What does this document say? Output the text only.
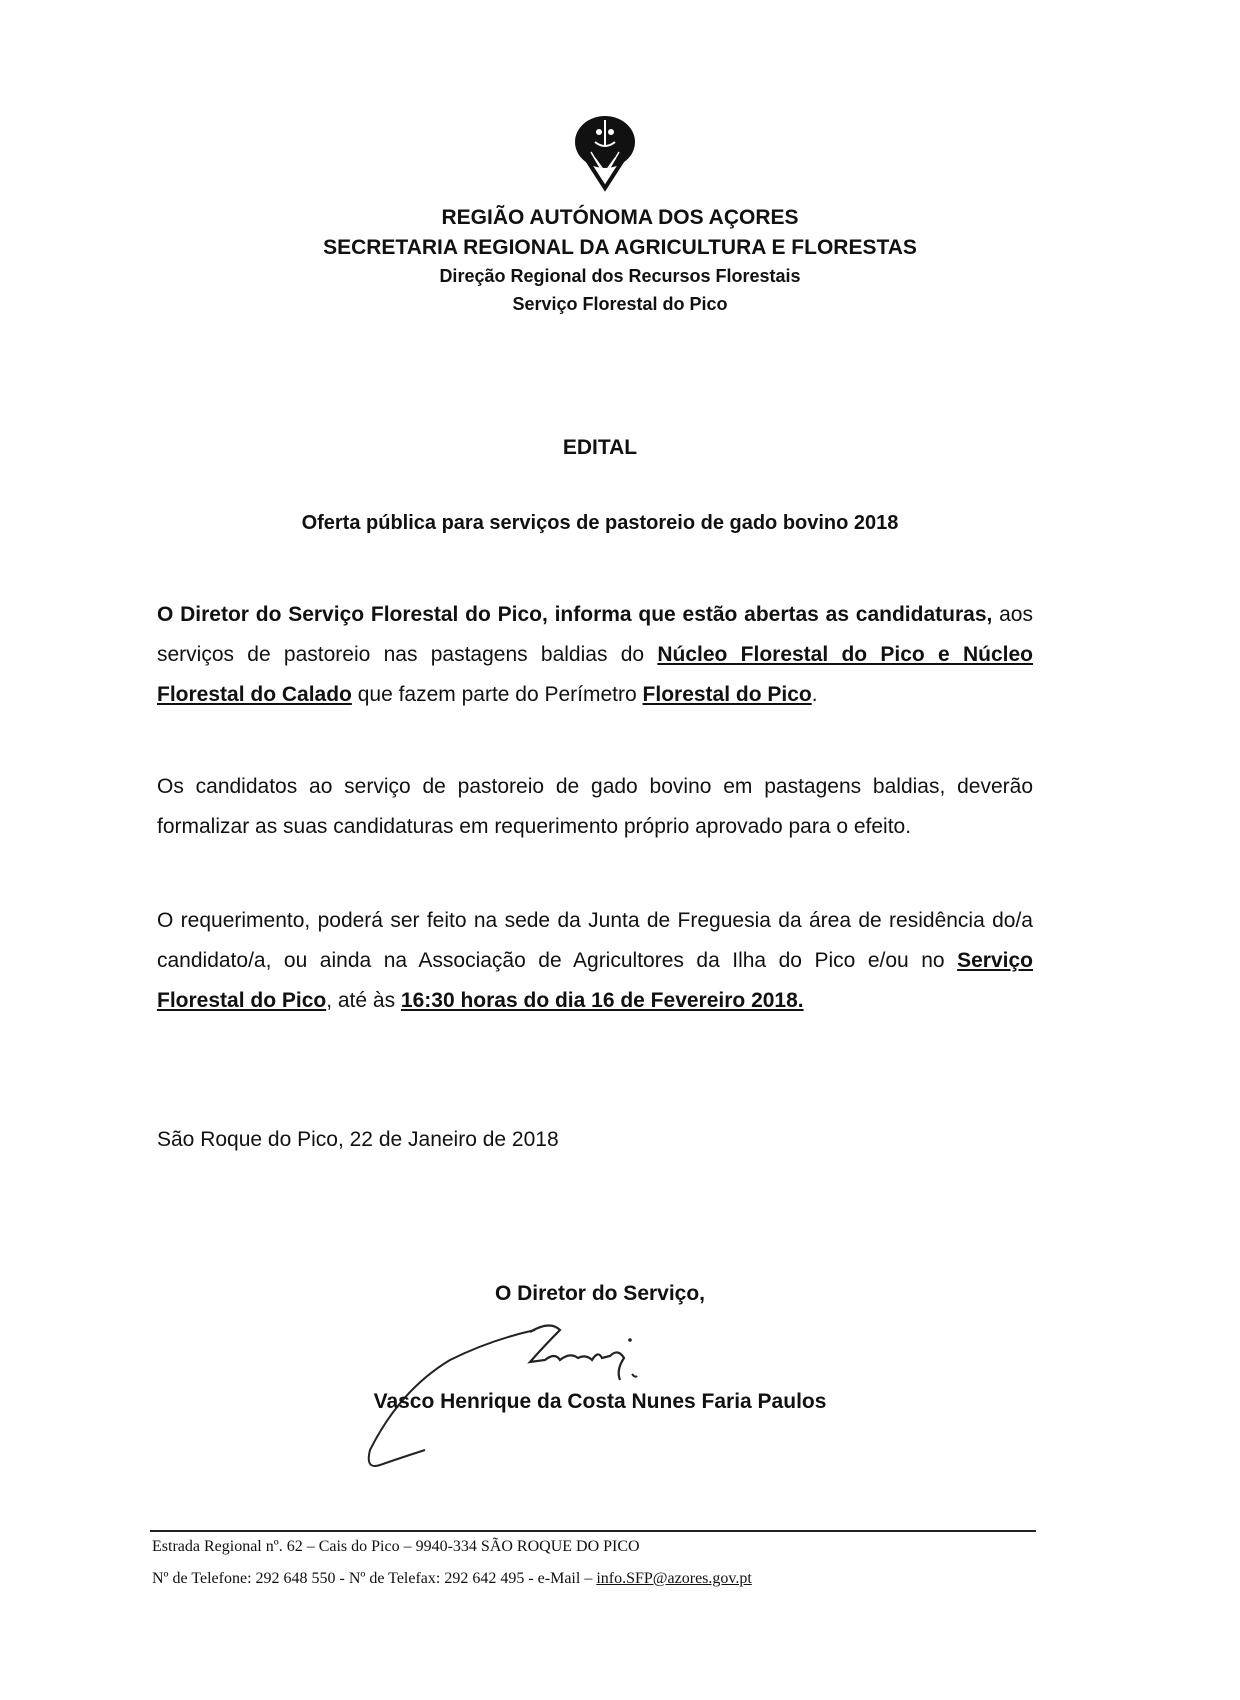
REGIÃO AUTÓNOMA DOS AÇORES
SECRETARIA REGIONAL DA AGRICULTURA E FLORESTAS
Direção Regional dos Recursos Florestais
Serviço Florestal do Pico
EDITAL
Oferta pública para serviços de pastoreio de gado bovino 2018
O Diretor do Serviço Florestal do Pico, informa que estão abertas as candidaturas, aos serviços de pastoreio nas pastagens baldias do Núcleo Florestal do Pico e Núcleo Florestal do Calado que fazem parte do Perímetro Florestal do Pico.
Os candidatos ao serviço de pastoreio de gado bovino em pastagens baldias, deverão formalizar as suas candidaturas em requerimento próprio aprovado para o efeito.
O requerimento, poderá ser feito na sede da Junta de Freguesia da área de residência do/a candidato/a, ou ainda na Associação de Agricultores da Ilha do Pico e/ou no Serviço Florestal do Pico, até às 16:30 horas do dia 16 de Fevereiro 2018.
São Roque do Pico, 22 de Janeiro de 2018
O Diretor do Serviço,
Vasco Henrique da Costa Nunes Faria Paulos
Estrada Regional nº. 62 – Cais do Pico – 9940-334 SÃO ROQUE DO PICO
Nº de Telefone: 292 648 550 - Nº de Telefax: 292 642 495 - e-Mail – info.SFP@azores.gov.pt
